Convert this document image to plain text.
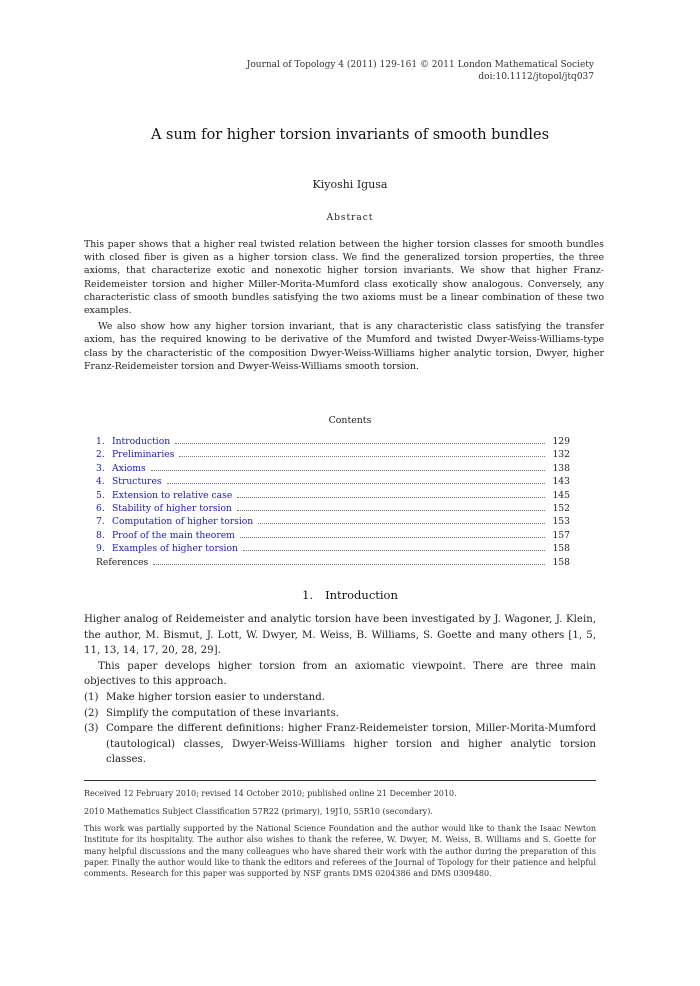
Journal of Topology 4 (2011) 129-161 © 2011 London Mathematical Society
doi:10.1112/jtopol/jtq037
A sum for higher torsion invariants of smooth bundles
Kiyoshi Igusa
Abstract

This paper shows that a higher real twisted relation between the higher torsion classes for smooth bundles with closed fiber is given as a higher torsion class. We find the generalized torsion properties, the three axioms, that characterize exotic and nonexotic higher torsion invariants. We show that higher Franz-Reidemeister torsion and higher Miller-Morita-Mumford class exotically show analogous. Conversely, any characteristic class of smooth bundles satisfying the two axioms must be a linear combination of these two examples.

We also show how any higher torsion invariant, that is any characteristic class satisfying the transfer axiom, has the required knowing to be derivative of the Mumford and twisted Dwyer-Weiss-Williams-type class by the characteristic of the composition Dwyer-Weiss-Williams higher analytic torsion, Dwyer, higher Franz-Reidemeister torsion and Dwyer-Weiss-Williams smooth torsion.

Contents
1. Introduction	129
2. Preliminaries	132
3. Axioms	138
4. Structures	143
5. Extension to relative case	145
6. Stability of higher torsion	152
7. Computation of higher torsion	153
8. Proof of the main theorem	157
9. Examples of higher torsion	158
References	158
1. Introduction

Higher analog of Reidemeister and analytic torsion have been investigated by J. Wagoner, J. Klein, the author, M. Bismut, J. Lott, W. Dwyer, M. Weiss, B. Williams, S. Goette and many others [1, 5, 11, 13, 14, 17, 20, 28, 29].

This paper develops higher torsion from an axiomatic viewpoint. There are three main objectives to this approach.

(1) Make higher torsion easier to understand.
(2) Simplify the computation of these invariants.
(3) Compare the different definitions: higher Franz-Reidemeister torsion, Miller-Morita-Mumford (tautological) classes, Dwyer-Weiss-Williams higher torsion and higher analytic torsion classes.
Received 12 February 2010; revised 14 October 2010; published online 21 December 2010.
2010 Mathematics Subject Classification 57R22 (primary), 19J10, 55R10 (secondary).
This work was partially supported by the National Science Foundation and the author would like to thank the Isaac Newton Institute for its hospitality. The author also wishes to thank the referee, W. Dwyer, M. Weiss, B. Williams and S. Goette for many helpful discussions and the many colleagues who have shared their work with the author during the preparation of this paper. Finally the author would like to thank the editors and referees of the Journal of Topology for their patience and helpful comments. Research for this paper was supported by NSF grants DMS 0204386 and DMS 0309480.
